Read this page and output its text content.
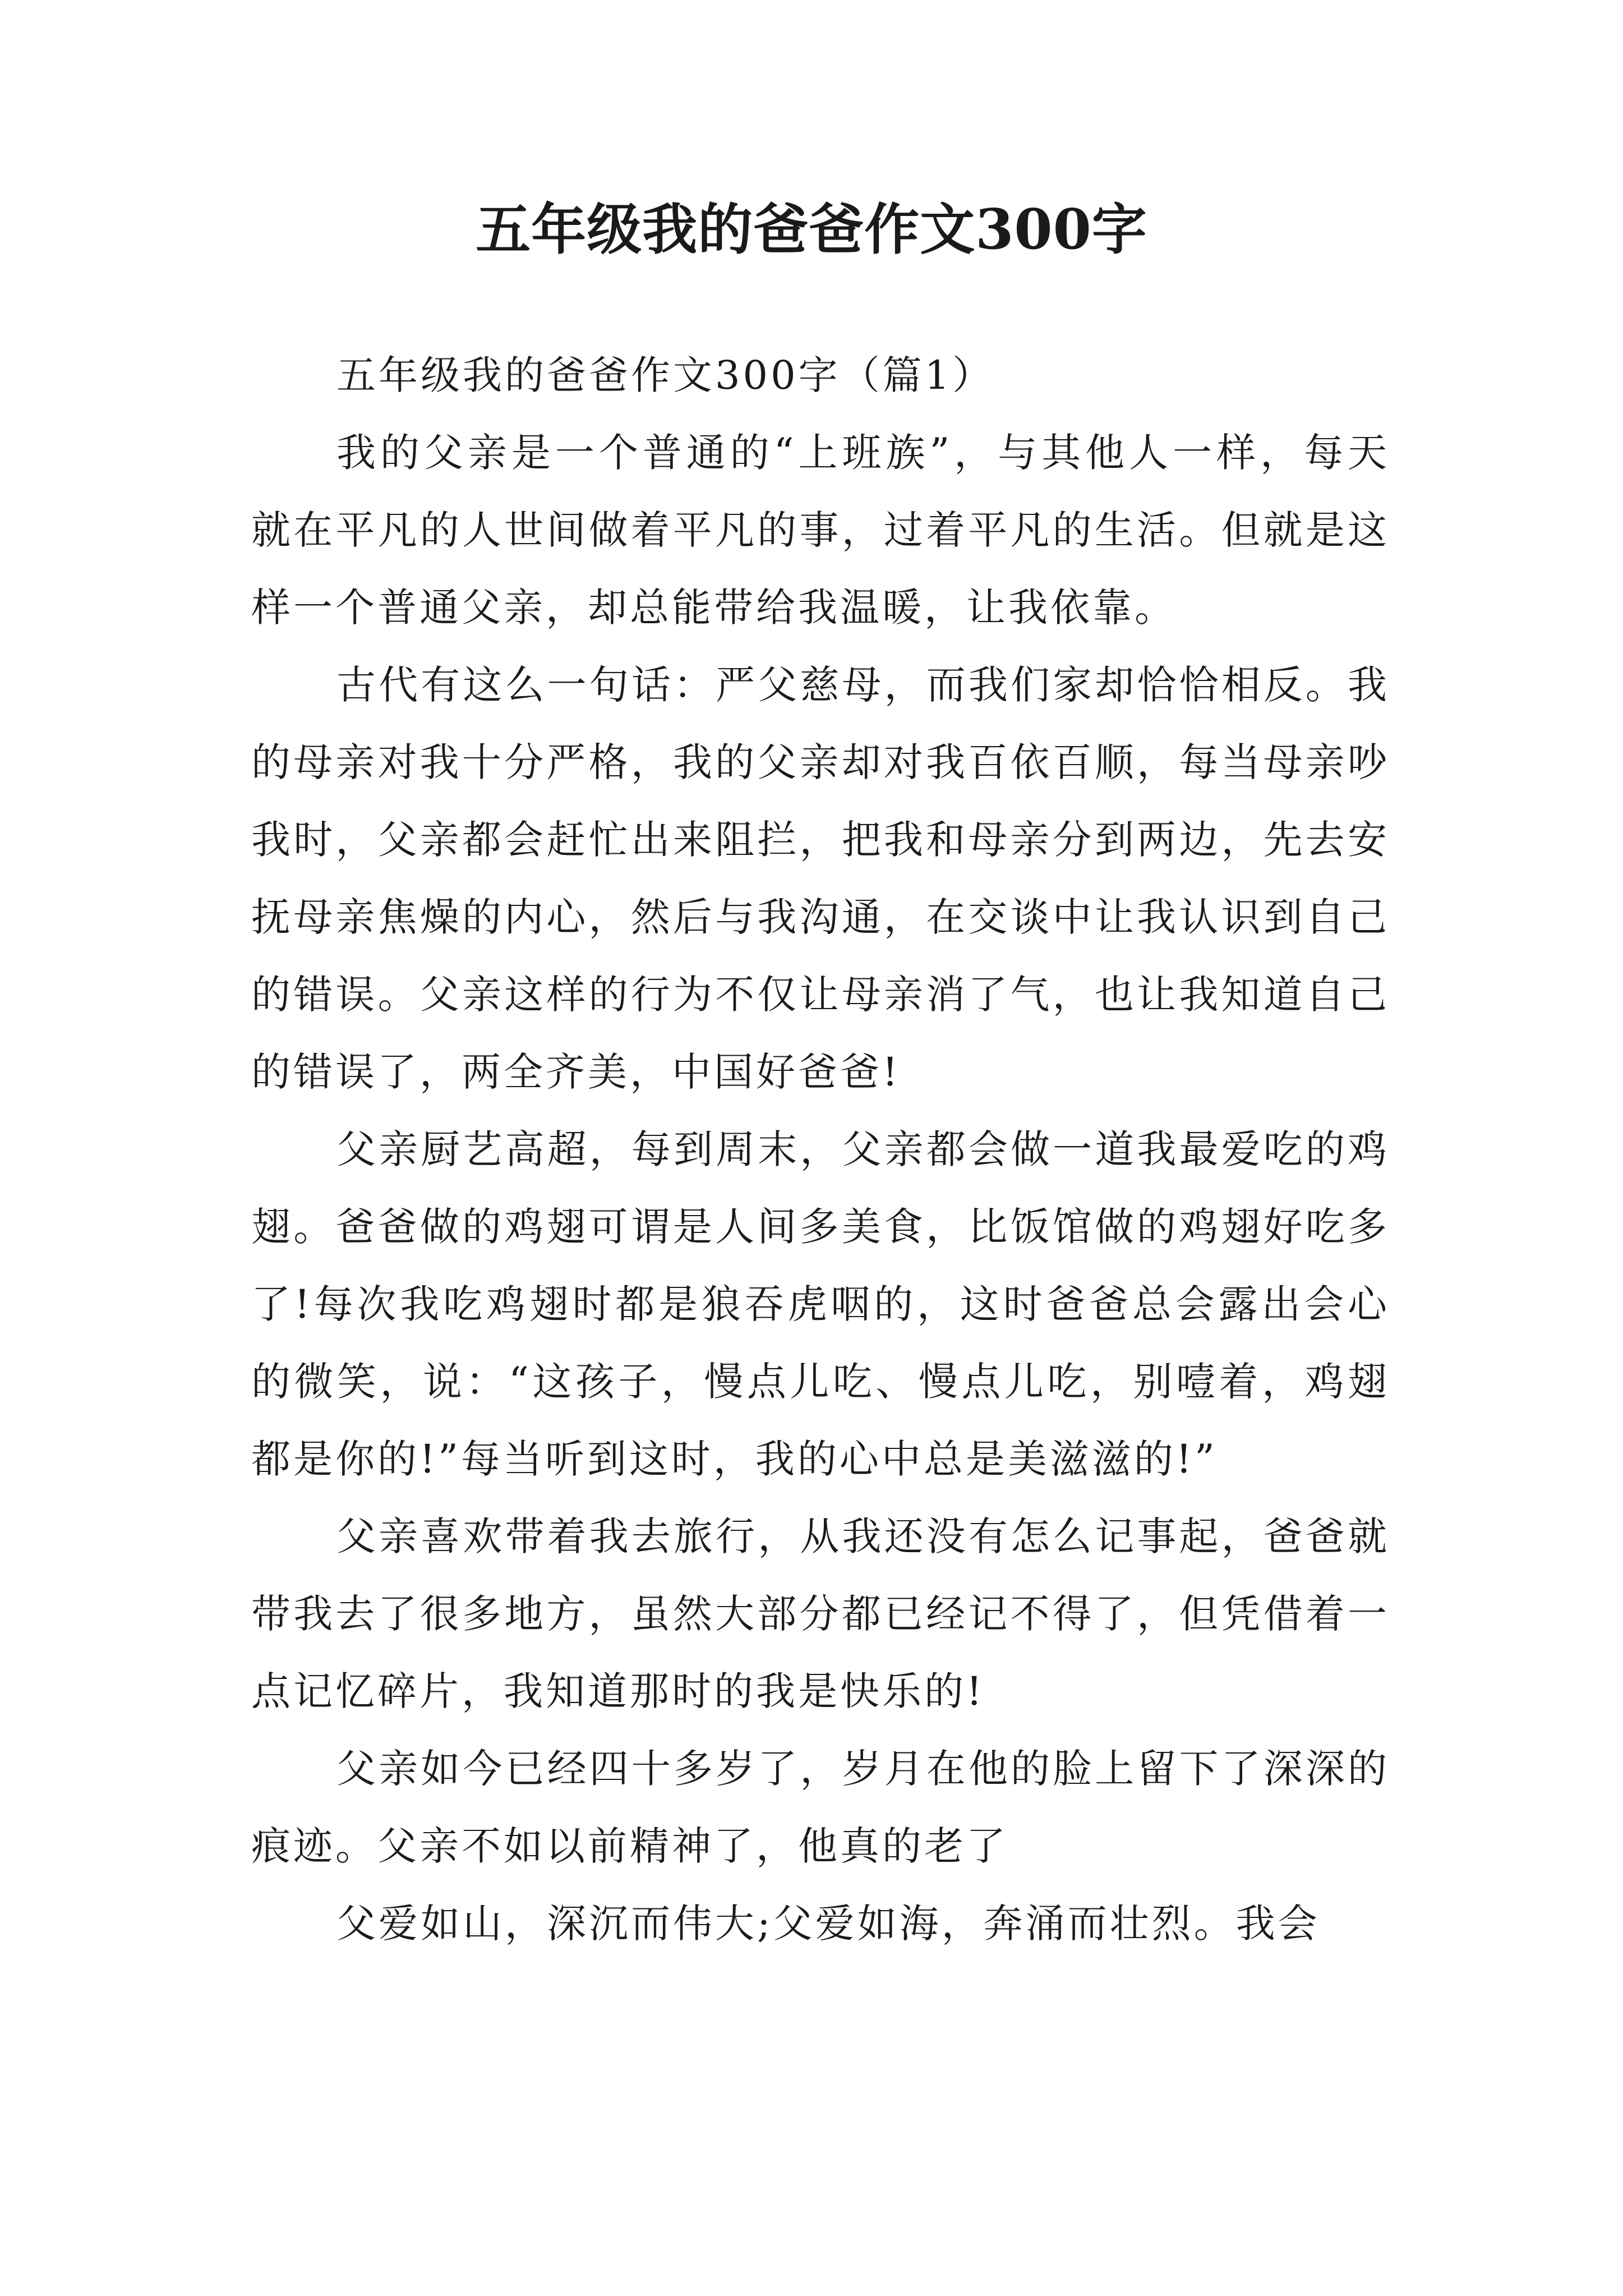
五年级我的爸爸作文300字

五年级我的爸爸作文300字（篇1）

我的父亲是一个普通的“上班族”，与其他人一样，每天就在平凡的人世间做着平凡的事，过着平凡的生活。但就是这样一个普通父亲，却总能带给我温暖，让我依靠。

古代有这么一句话：严父慈母，而我们家却恰恰相反。我的母亲对我十分严格，我的父亲却对我百依百顺，每当母亲吵我时，父亲都会赶忙出来阻拦，把我和母亲分到两边，先去安抚母亲焦燥的内心，然后与我沟通，在交谈中让我认识到自己的错误。父亲这样的行为不仅让母亲消了气，也让我知道自己的错误了，两全齐美，中国好爸爸!

父亲厨艺高超，每到周末，父亲都会做一道我最爱吃的鸡翅。爸爸做的鸡翅可谓是人间多美食，比饭馆做的鸡翅好吃多了!每次我吃鸡翅时都是狼吞虎咽的，这时爸爸总会露出会心的微笑，说：“这孩子，慢点儿吃、慢点儿吃，别噎着，鸡翅都是你的!”每当听到这时，我的心中总是美滋滋的!”

父亲喜欢带着我去旅行，从我还没有怎么记事起，爸爸就带我去了很多地方，虽然大部分都已经记不得了，但凭借着一点记忆碎片，我知道那时的我是快乐的!

父亲如今已经四十多岁了，岁月在他的脸上留下了深深的痕迹。父亲不如以前精神了，他真的老了

父爱如山，深沉而伟大;父爱如海，奔涌而壮烈。我会
